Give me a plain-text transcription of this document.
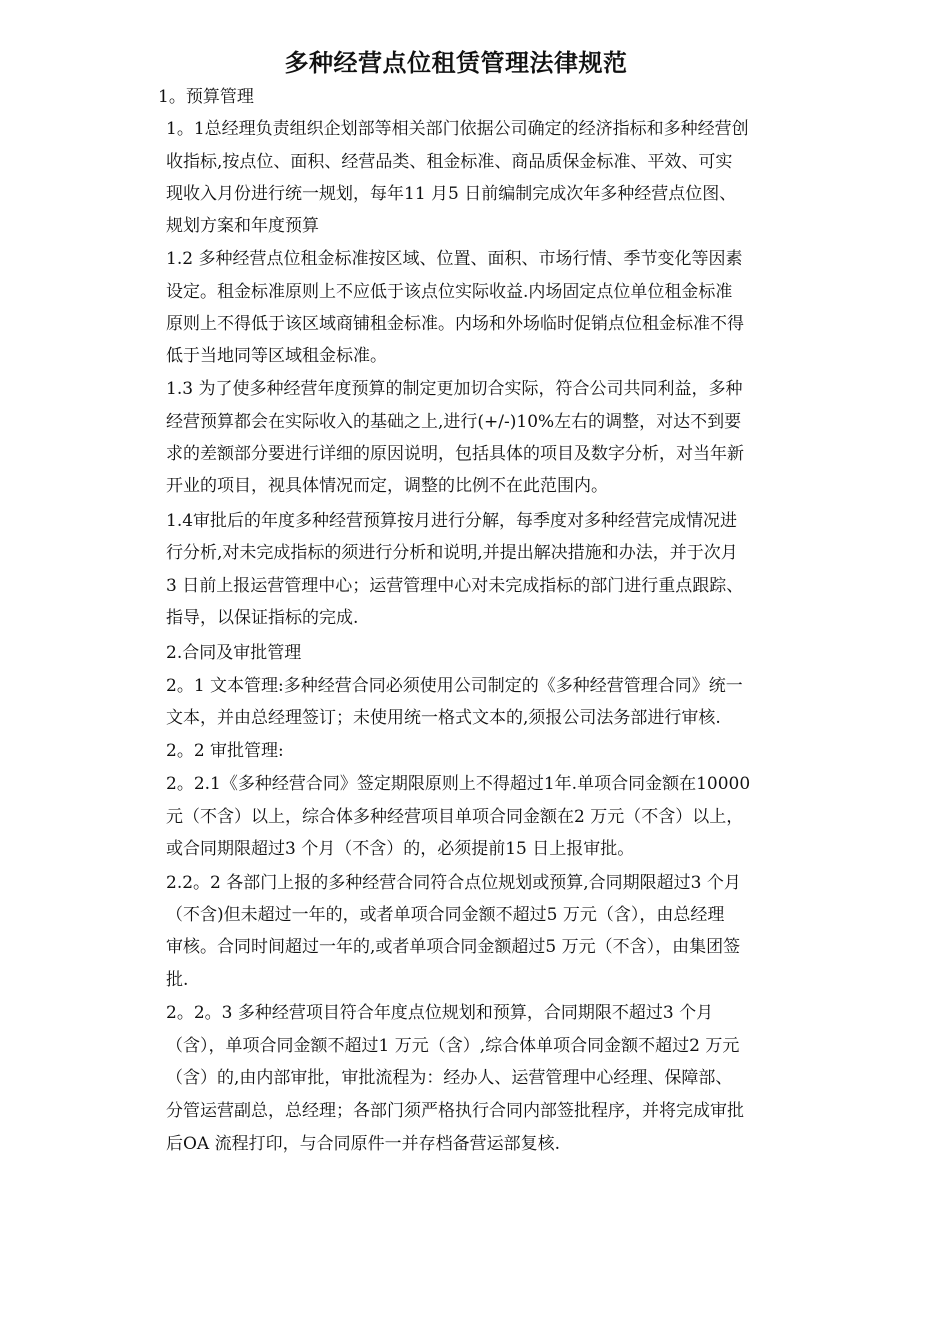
多种经营点位租赁管理法律规范

1。预算管理

1。1总经理负责组织企划部等相关部门依据公司确定的经济指标和多种经营创

收指标,按点位、面积、经营品类、租金标准、商品质保金标准、平效、可实

现收入月份进行统一规划，每年11 月5 日前编制完成次年多种经营点位图、

规划方案和年度预算

1.2 多种经营点位租金标准按区域、位置、面积、市场行情、季节变化等因素

设定。租金标准原则上不应低于该点位实际收益.内场固定点位单位租金标准

原则上不得低于该区域商铺租金标准。内场和外场临时促销点位租金标准不得

低于当地同等区域租金标准。

1.3 为了使多种经营年度预算的制定更加切合实际，符合公司共同利益，多种

经营预算都会在实际收入的基础之上,进行(+/-)10%左右的调整，对达不到要

求的差额部分要进行详细的原因说明，包括具体的项目及数字分析，对当年新

开业的项目，视具体情况而定，调整的比例不在此范围内。

1.4审批后的年度多种经营预算按月进行分解，每季度对多种经营完成情况进

行分析,对未完成指标的须进行分析和说明,并提出解决措施和办法，并于次月

3 日前上报运营管理中心；运营管理中心对未完成指标的部门进行重点跟踪、

指导，以保证指标的完成.

2.合同及审批管理

2。1 文本管理:多种经营合同必须使用公司制定的《多种经营管理合同》统一

文本，并由总经理签订；未使用统一格式文本的,须报公司法务部进行审核.

2。2 审批管理:

2。2.1《多种经营合同》签定期限原则上不得超过1年.单项合同金额在10000

元（不含）以上，综合体多种经营项目单项合同金额在2 万元（不含）以上，

或合同期限超过3 个月（不含）的，必须提前15 日上报审批。

2.2。2 各部门上报的多种经营合同符合点位规划或预算,合同期限超过3 个月

（不含)但未超过一年的，或者单项合同金额不超过5 万元（含），由总经理

审核。合同时间超过一年的,或者单项合同金额超过5 万元（不含），由集团签

批.

2。2。3 多种经营项目符合年度点位规划和预算，合同期限不超过3 个月

（含），单项合同金额不超过1 万元（含）,综合体单项合同金额不超过2 万元

（含）的,由内部审批，审批流程为：经办人、运营管理中心经理、保障部、

分管运营副总，总经理；各部门须严格执行合同内部签批程序，并将完成审批

后OA 流程打印，与合同原件一并存档备营运部复核.
